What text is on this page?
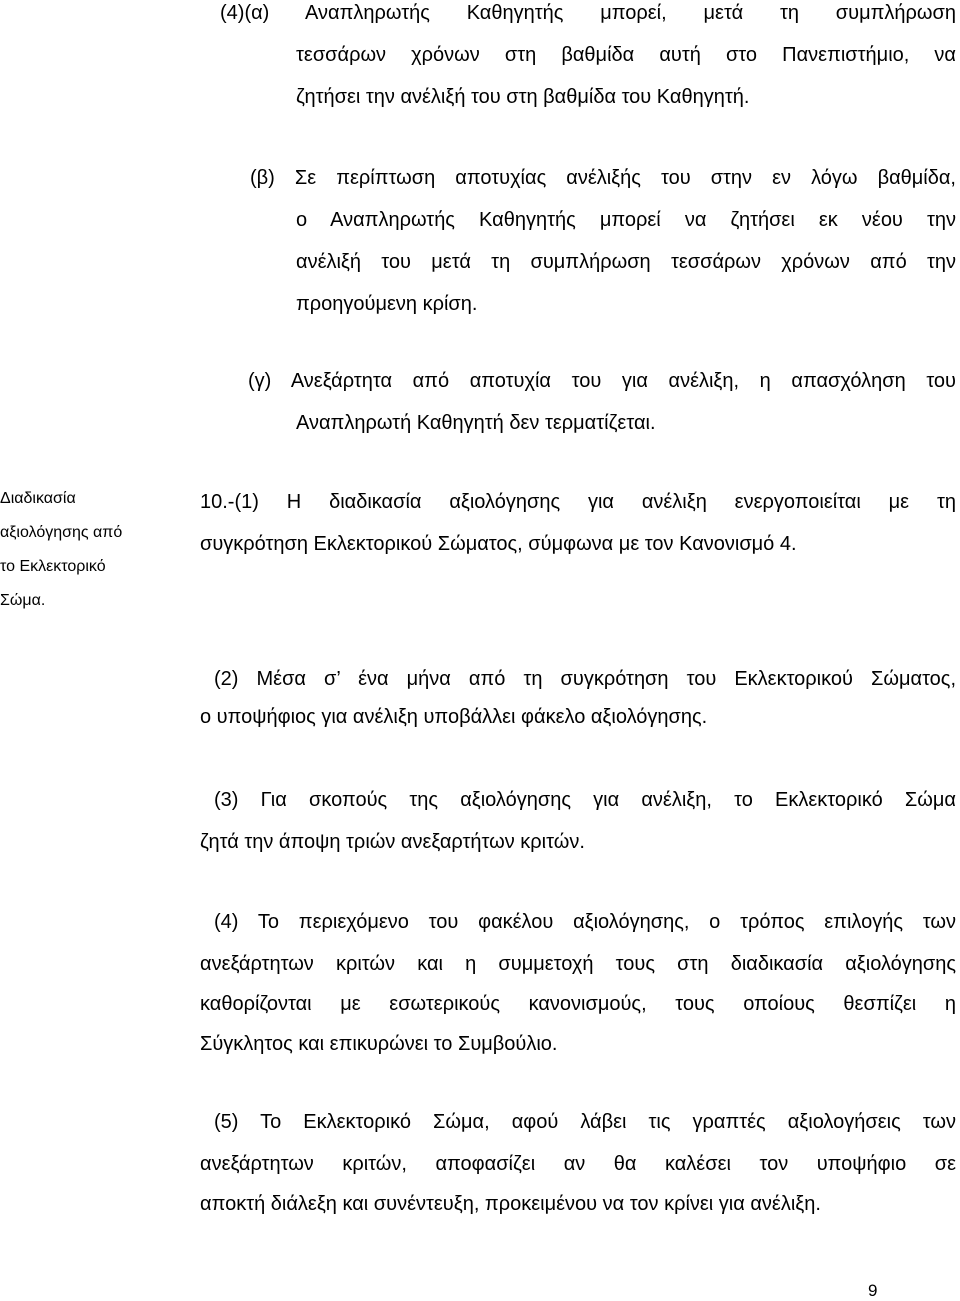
(4)(α) Αναπληρωτής Καθηγητής μπορεί, μετά τη συμπλήρωση
τεσσάρων χρόνων στη βαθμίδα αυτή στο Πανεπιστήμιο, να
ζητήσει την ανέλιξή του στη βαθμίδα του Καθηγητή.
(β) Σε περίπτωση αποτυχίας ανέλιξής του στην εν λόγω βαθμίδα,
ο Αναπληρωτής Καθηγητής μπορεί να ζητήσει εκ νέου την
ανέλιξή του μετά τη συμπλήρωση τεσσάρων χρόνων από την
προηγούμενη κρίση.
(γ) Ανεξάρτητα από αποτυχία του για ανέλιξη, η απασχόληση του
Αναπληρωτή Καθηγητή δεν τερματίζεται.
Διαδικασία
αξιολόγησης από
το Εκλεκτορικό
Σώμα.
10.-(1) Η διαδικασία αξιολόγησης για ανέλιξη ενεργοποιείται με τη
συγκρότηση Εκλεκτορικού Σώματος, σύμφωνα με τον Κανονισμό 4.
(2) Μέσα σ’ ένα μήνα από τη συγκρότηση του Εκλεκτορικού Σώματος,
ο υποψήφιος για ανέλιξη υποβάλλει φάκελο αξιολόγησης.
(3) Για σκοπούς της αξιολόγησης για ανέλιξη, το Εκλεκτορικό Σώμα
ζητά την άποψη τριών ανεξαρτήτων κριτών.
(4) Το περιεχόμενο του φακέλου αξιολόγησης, ο τρόπος επιλογής των
ανεξάρτητων κριτών και η συμμετοχή τους στη διαδικασία αξιολόγησης
καθορίζονται με εσωτερικούς κανονισμούς, τους οποίους θεσπίζει η
Σύγκλητος και επικυρώνει το Συμβούλιο.
(5) Το Εκλεκτορικό Σώμα, αφού λάβει τις γραπτές αξιολογήσεις των
ανεξάρτητων κριτών, αποφασίζει αν θα καλέσει τον υποψήφιο σε
αποκτή διάλεξη και συνέντευξη, προκειμένου να τον κρίνει για ανέλιξη.
9
